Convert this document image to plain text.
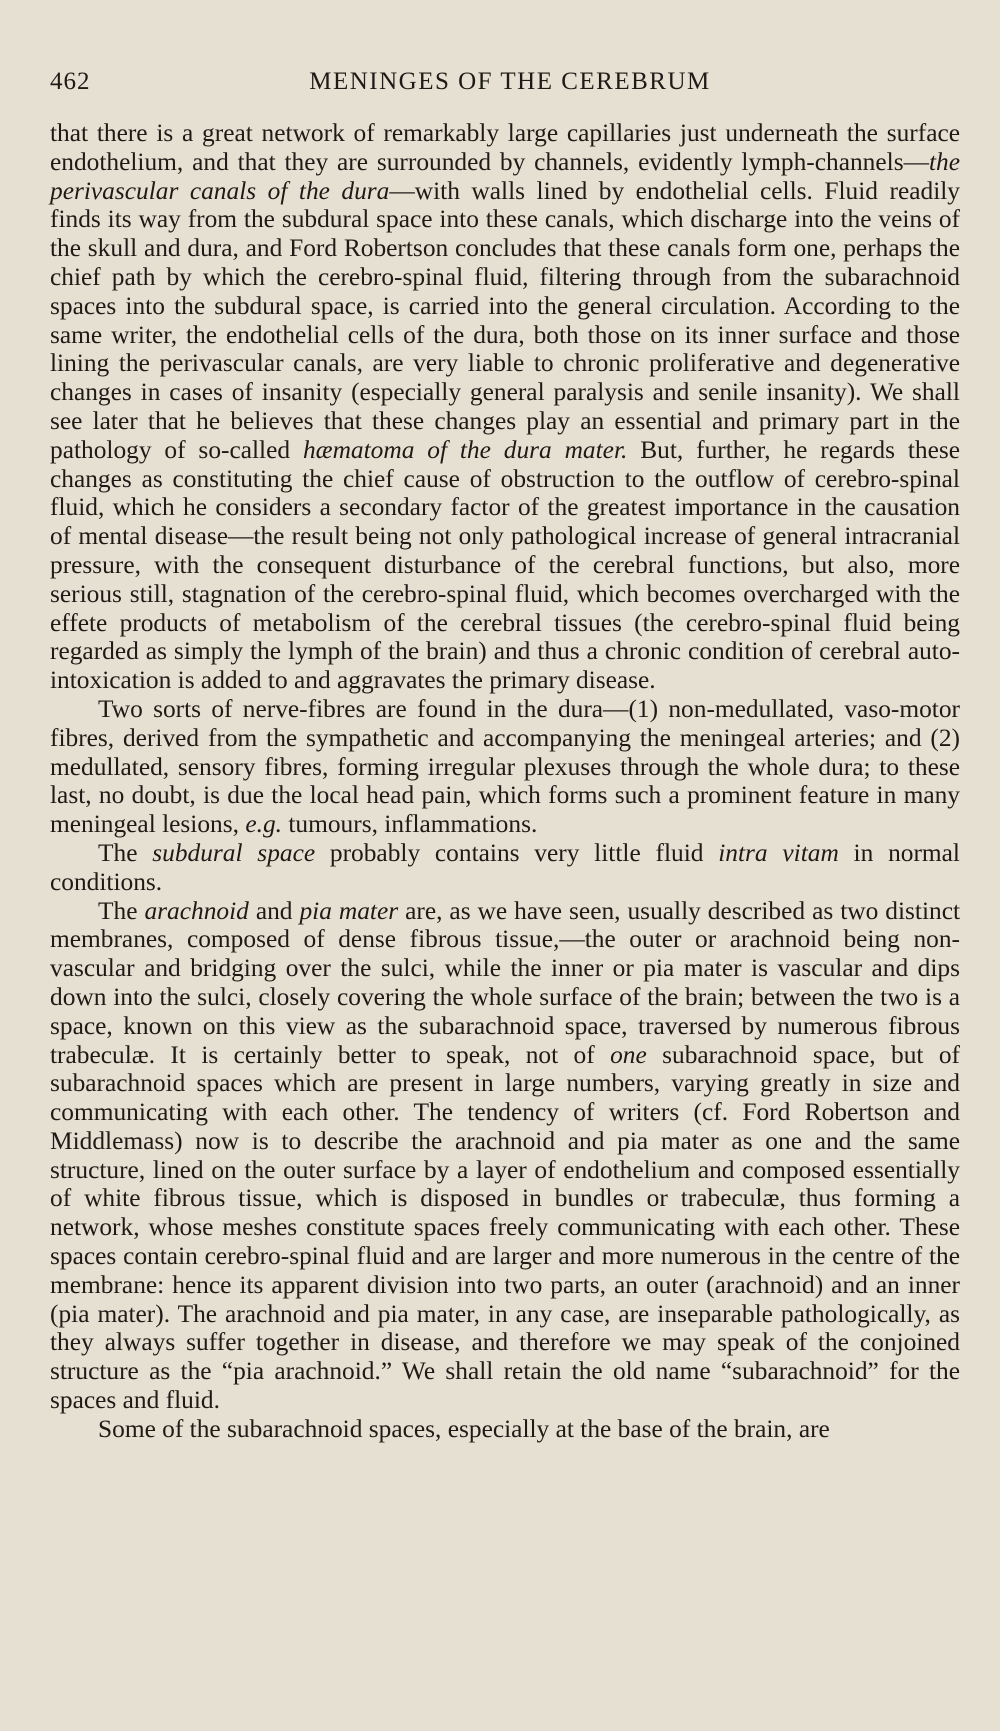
462	MENINGES OF THE CEREBRUM

that there is a great network of remarkably large capillaries just underneath the surface endothelium, and that they are surrounded by channels, evidently lymph-channels—the perivascular canals of the dura—with walls lined by endothelial cells. Fluid readily finds its way from the subdural space into these canals, which discharge into the veins of the skull and dura, and Ford Robertson concludes that these canals form one, perhaps the chief path by which the cerebro-spinal fluid, filtering through from the subarachnoid spaces into the subdural space, is carried into the general circulation. According to the same writer, the endothelial cells of the dura, both those on its inner surface and those lining the perivascular canals, are very liable to chronic proliferative and degenerative changes in cases of insanity (especially general paralysis and senile insanity). We shall see later that he believes that these changes play an essential and primary part in the pathology of so-called hæmatoma of the dura mater. But, further, he regards these changes as constituting the chief cause of obstruction to the outflow of cerebro-spinal fluid, which he considers a secondary factor of the greatest importance in the causation of mental disease—the result being not only pathological increase of general intracranial pressure, with the consequent disturbance of the cerebral functions, but also, more serious still, stagnation of the cerebro-spinal fluid, which becomes overcharged with the effete products of metabolism of the cerebral tissues (the cerebro-spinal fluid being regarded as simply the lymph of the brain) and thus a chronic condition of cerebral auto-intoxication is added to and aggravates the primary disease.

Two sorts of nerve-fibres are found in the dura—(1) non-medullated, vaso-motor fibres, derived from the sympathetic and accompanying the meningeal arteries; and (2) medullated, sensory fibres, forming irregular plexuses through the whole dura; to these last, no doubt, is due the local head pain, which forms such a prominent feature in many meningeal lesions, e.g. tumours, inflammations.

The subdural space probably contains very little fluid intra vitam in normal conditions.

The arachnoid and pia mater are, as we have seen, usually described as two distinct membranes, composed of dense fibrous tissue,—the outer or arachnoid being non-vascular and bridging over the sulci, while the inner or pia mater is vascular and dips down into the sulci, closely covering the whole surface of the brain; between the two is a space, known on this view as the subarachnoid space, traversed by numerous fibrous trabeculæ. It is certainly better to speak, not of one subarachnoid space, but of subarachnoid spaces which are present in large numbers, varying greatly in size and communicating with each other. The tendency of writers (cf. Ford Robertson and Middlemass) now is to describe the arachnoid and pia mater as one and the same structure, lined on the outer surface by a layer of endothelium and composed essentially of white fibrous tissue, which is disposed in bundles or trabeculæ, thus forming a network, whose meshes constitute spaces freely communicating with each other. These spaces contain cerebro-spinal fluid and are larger and more numerous in the centre of the membrane: hence its apparent division into two parts, an outer (arachnoid) and an inner (pia mater). The arachnoid and pia mater, in any case, are inseparable pathologically, as they always suffer together in disease, and therefore we may speak of the conjoined structure as the “pia arachnoid.” We shall retain the old name “subarachnoid” for the spaces and fluid.

Some of the subarachnoid spaces, especially at the base of the brain, are
